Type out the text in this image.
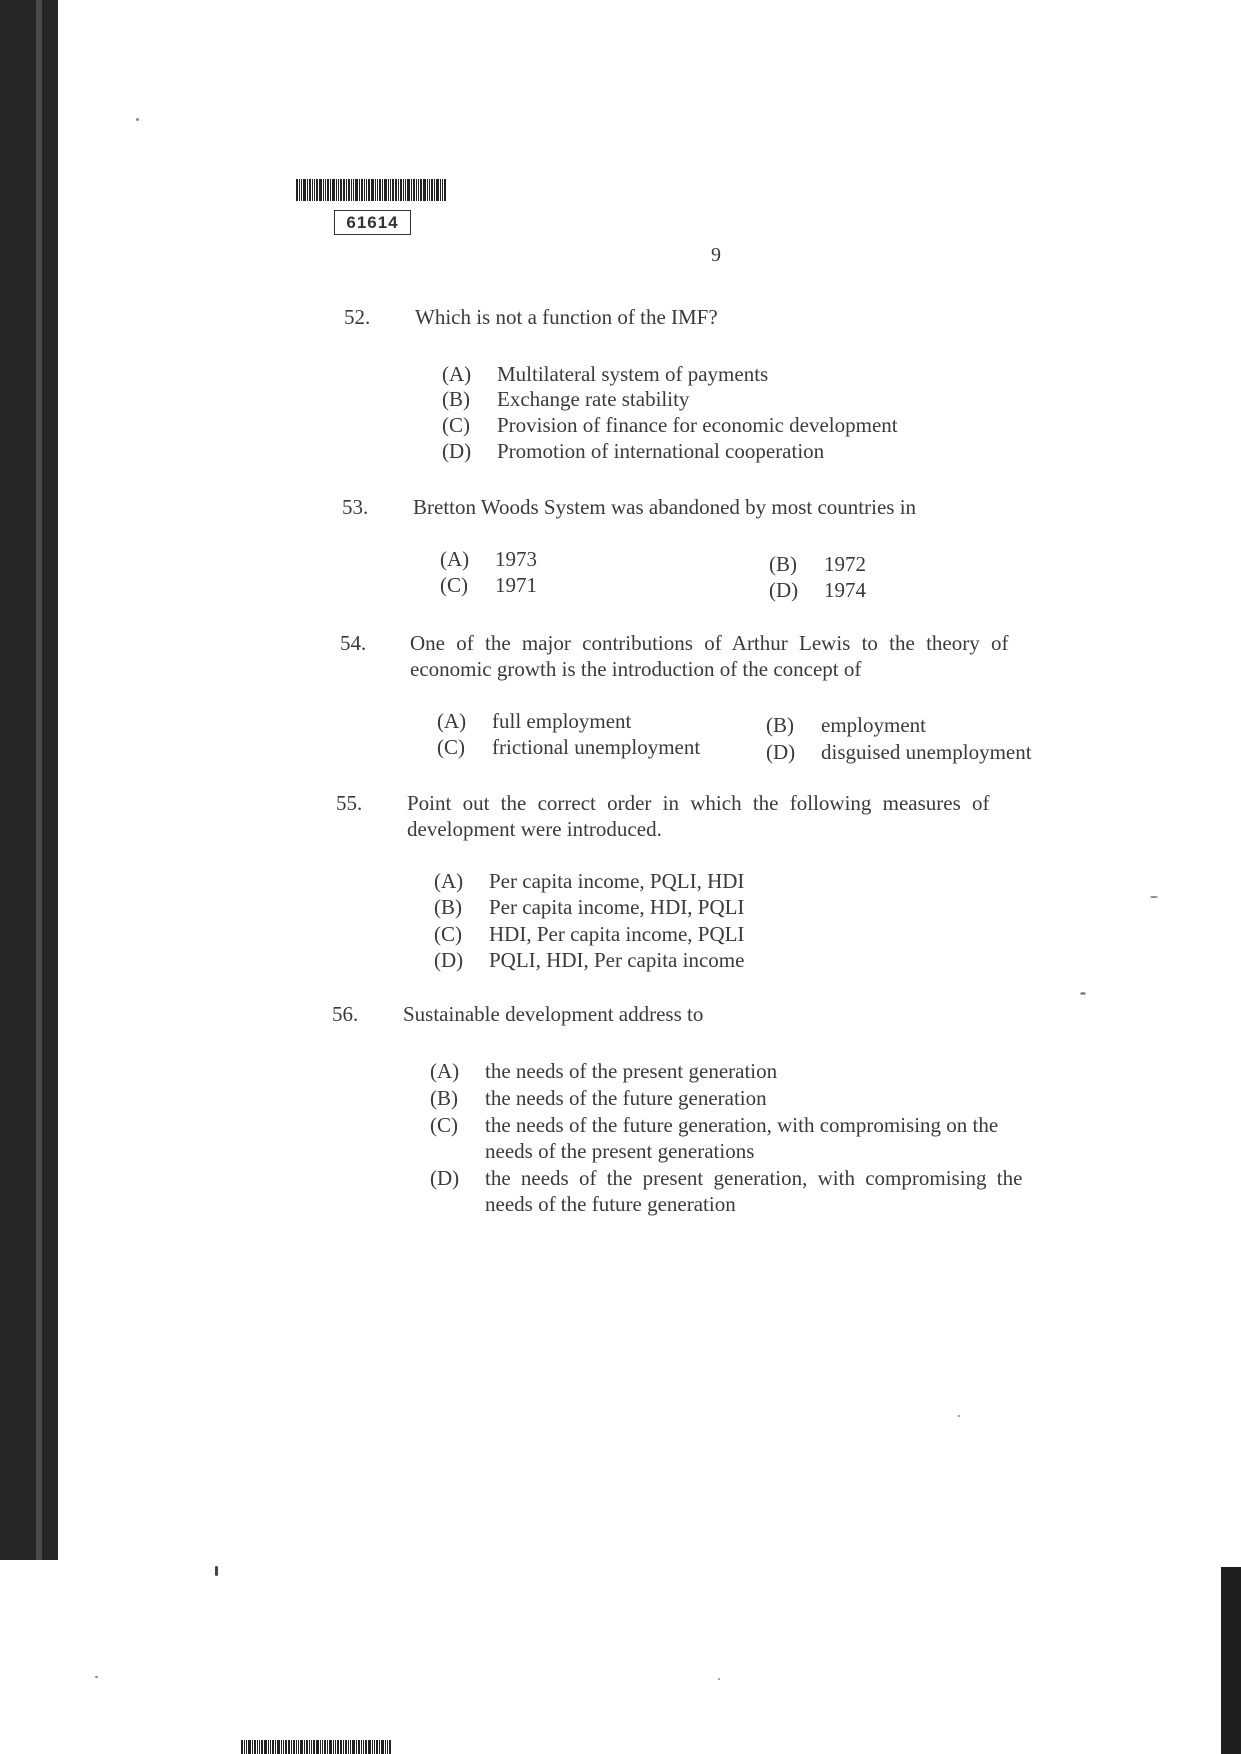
61614
9
52. Which is not a function of the IMF?
(A) Multilateral system of payments
(B) Exchange rate stability
(C) Provision of finance for economic development
(D) Promotion of international cooperation
53. Bretton Woods System was abandoned by most countries in
(A) 1973	(B) 1972
(C) 1971	(D) 1974
54. One of the major contributions of Arthur Lewis to the theory of
economic growth is the introduction of the concept of
(A) full employment	(B) employment
(C) frictional unemployment	(D) disguised unemployment
55. Point out the correct order in which the following measures of
development were introduced.
(A) Per capita income, PQLI, HDI
(B) Per capita income, HDI, PQLI
(C) HDI, Per capita income, PQLI
(D) PQLI, HDI, Per capita income
56. Sustainable development address to
(A) the needs of the present generation
(B) the needs of the future generation
(C)	the needs of the future generation, with compromising on the
needs of the present generations
(D)	the needs of the present generation, with compromising the
needs of the future generation
